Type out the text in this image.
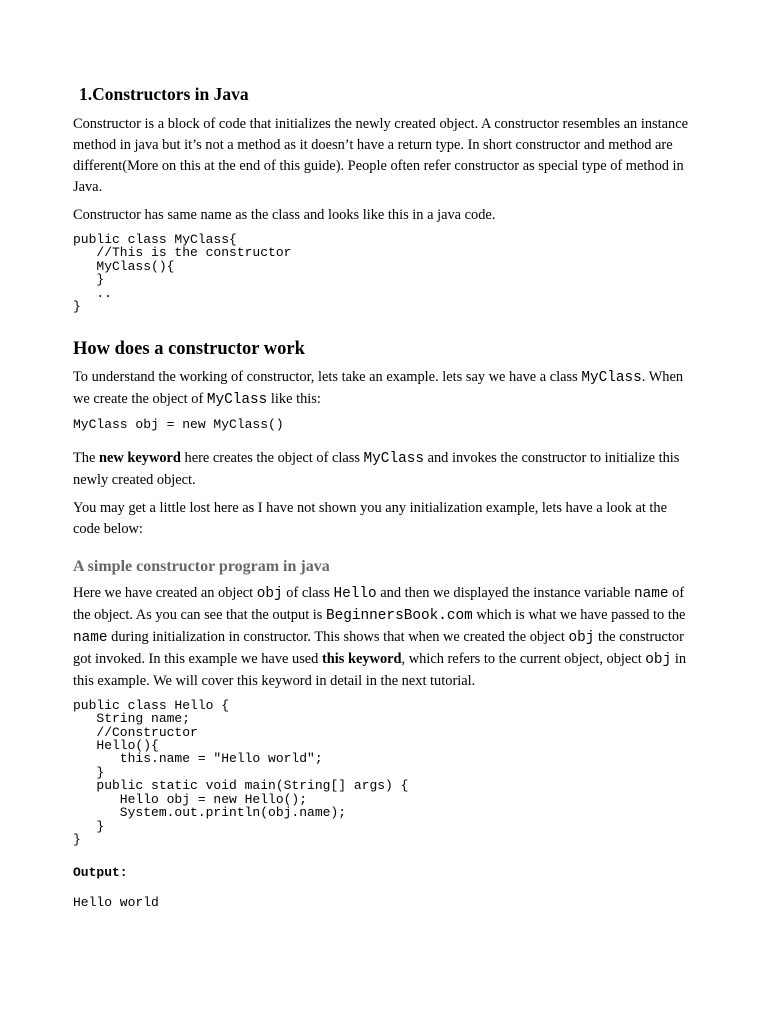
1.Constructors in Java

Constructor is a block of code that initializes the newly created object. A constructor resembles an instance method in java but it’s not a method as it doesn’t have a return type. In short constructor and method are different(More on this at the end of this guide). People often refer constructor as special type of method in Java.

Constructor has same name as the class and looks like this in a java code.

public class MyClass{
//This is the constructor
MyClass(){
}
..
}
How does a constructor work

To understand the working of constructor, lets take an example. lets say we have a class MyClass. When we create the object of MyClass like this:

MyClass obj = new MyClass()

The new keyword here creates the object of class MyClass and invokes the constructor to initialize this newly created object.

You may get a little lost here as I have not shown you any initialization example, lets have a look at the code below:

A simple constructor program in java

Here we have created an object obj of class Hello and then we displayed the instance variable name of the object. As you can see that the output is BeginnersBook.com which is what we have passed to the name during initialization in constructor. This shows that when we created the object obj the constructor got invoked. In this example we have used this keyword, which refers to the current object, object obj in this example. We will cover this keyword in detail in the next tutorial.

public class Hello {
String name;
//Constructor
Hello(){
this.name = "Hello world";
}
public static void main(String[] args) {
Hello obj = new Hello();
System.out.println(obj.name);
}
}
Output:
Hello world
